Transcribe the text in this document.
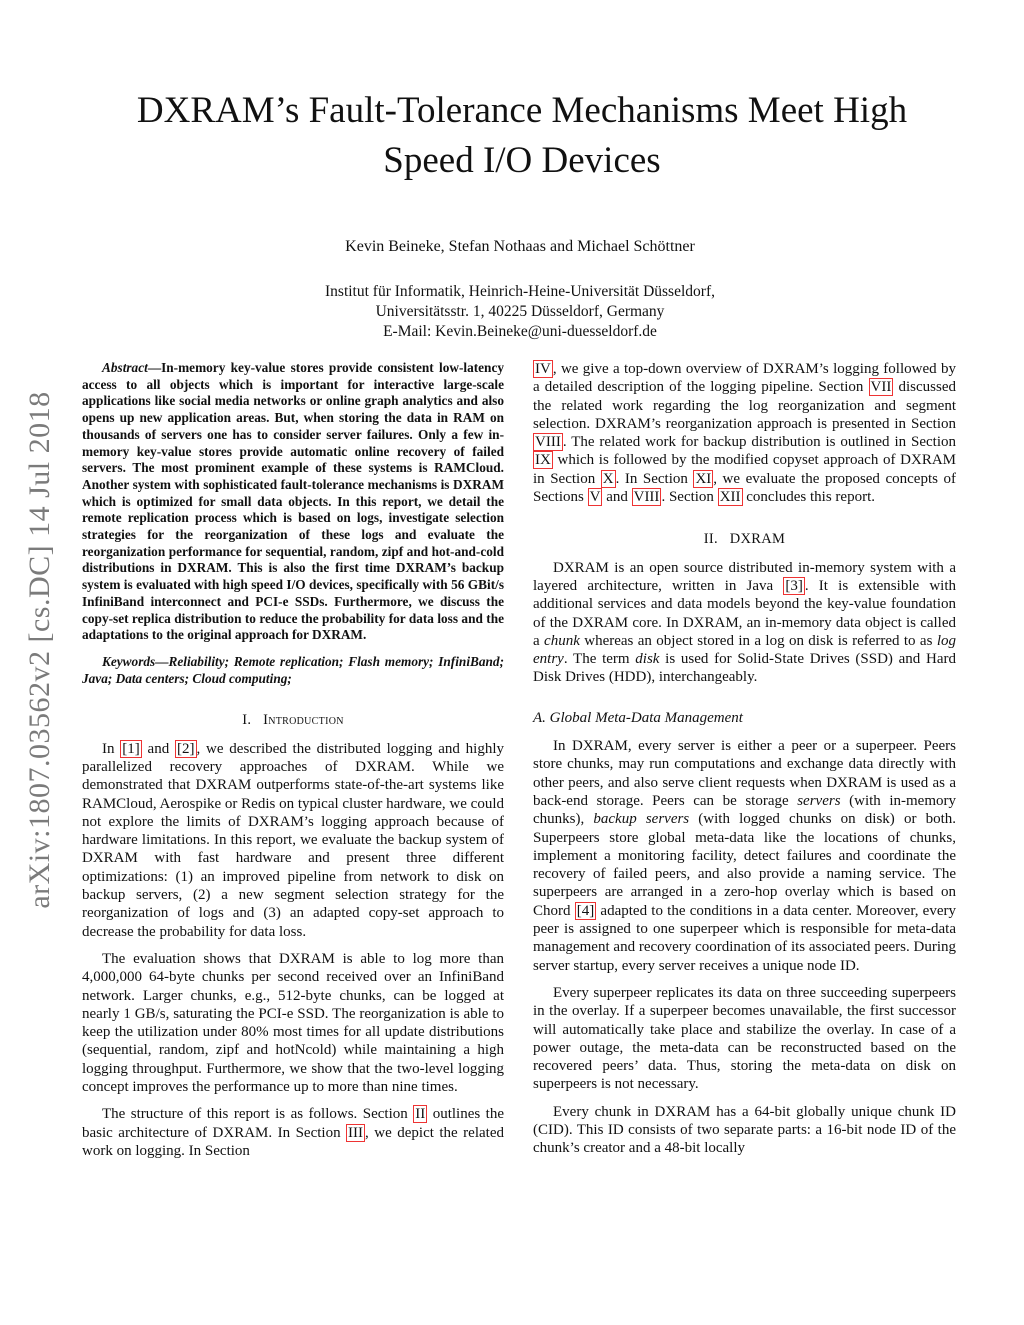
arXiv:1807.03562v2 [cs.DC] 14 Jul 2018
DXRAM’s Fault-Tolerance Mechanisms Meet High
Speed I/O Devices
Kevin Beineke, Stefan Nothaas and Michael Schöttner
Institut für Informatik, Heinrich-Heine-Universität Düsseldorf,
Universitätsstr. 1, 40225 Düsseldorf, Germany
E-Mail: Kevin.Beineke@uni-duesseldorf.de

Abstract—In-memory key-value stores provide consistent low-latency access to all objects which is important for interactive large-scale applications like social media networks or online graph analytics and also opens up new application areas. But, when storing the data in RAM on thousands of servers one has to consider server failures. Only a few in-memory key-value stores provide automatic online recovery of failed servers. The most prominent example of these systems is RAMCloud. Another system with sophisticated fault-tolerance mechanisms is DXRAM which is optimized for small data objects. In this report, we detail the remote replication process which is based on logs, investigate selection strategies for the reorganization of these logs and evaluate the reorganization performance for sequential, random, zipf and hot-and-cold distributions in DXRAM. This is also the first time DXRAM’s backup system is evaluated with high speed I/O devices, specifically with 56 GBit/s InfiniBand interconnect and PCI-e SSDs. Furthermore, we discuss the copy-set replica distribution to reduce the probability for data loss and the adaptations to the original approach for DXRAM.

Keywords—Reliability; Remote replication; Flash memory; InfiniBand; Java; Data centers; Cloud computing;

I. Introduction

In [1] and [2] , we described the distributed logging and highly parallelized recovery approaches of DXRAM. While we demonstrated that DXRAM outperforms state-of-the-art systems like RAMCloud, Aerospike or Redis on typical cluster hardware, we could not explore the limits of DXRAM’s logging approach because of hardware limitations. In this report, we evaluate the backup system of DXRAM with fast hardware and present three different optimizations: (1) an improved pipeline from network to disk on backup servers, (2) a new segment selection strategy for the reorganization of logs and (3) an adapted copy-set approach to decrease the probability for data loss.

The evaluation shows that DXRAM is able to log more than 4,000,000 64-byte chunks per second received over an InfiniBand network. Larger chunks, e.g., 512-byte chunks, can be logged at nearly 1 GB/s, saturating the PCI-e SSD. The reorganization is able to keep the utilization under 80% most times for all update distributions (sequential, random, zipf and hotNcold) while maintaining a high logging throughput. Furthermore, we show that the two-level logging concept improves the performance up to more than nine times.

The structure of this report is as follows. Section II outlines the basic architecture of DXRAM. In Section III , we depict the related work on logging. In Section

IV , we give a top-down overview of DXRAM’s logging followed by a detailed description of the logging pipeline. Section VII discussed the related work regarding the log reorganization and segment selection. DXRAM’s reorganization approach is presented in Section VIII . The related work for backup distribution is outlined in Section IX which is followed by the modified copyset approach of DXRAM in Section X . In Section XI , we evaluate the proposed concepts of Sections V and VIII . Section XII concludes this report.

II. DXRAM

DXRAM is an open source distributed in-memory system with a layered architecture, written in Java [3] . It is extensible with additional services and data models beyond the key-value foundation of the DXRAM core. In DXRAM, an in-memory data object is called a chunk whereas an object stored in a log on disk is referred to as log entry. The term disk is used for Solid-State Drives (SSD) and Hard Disk Drives (HDD), interchangeably.

A. Global Meta-Data Management

In DXRAM, every server is either a peer or a superpeer. Peers store chunks, may run computations and exchange data directly with other peers, and also serve client requests when DXRAM is used as a back-end storage. Peers can be storage servers (with in-memory chunks), backup servers (with logged chunks on disk) or both. Superpeers store global meta-data like the locations of chunks, implement a monitoring facility, detect failures and coordinate the recovery of failed peers, and also provide a naming service. The superpeers are arranged in a zero-hop overlay which is based on Chord [4] adapted to the conditions in a data center. Moreover, every peer is assigned to one superpeer which is responsible for meta-data management and recovery coordination of its associated peers. During server startup, every server receives a unique node ID.

Every superpeer replicates its data on three succeeding superpeers in the overlay. If a superpeer becomes unavailable, the first successor will automatically take place and stabilize the overlay. In case of a power outage, the meta-data can be reconstructed based on the recovered peers’ data. Thus, storing the meta-data on disk on superpeers is not necessary.

Every chunk in DXRAM has a 64-bit globally unique chunk ID (CID). This ID consists of two separate parts: a 16-bit node ID of the chunk’s creator and a 48-bit locally
